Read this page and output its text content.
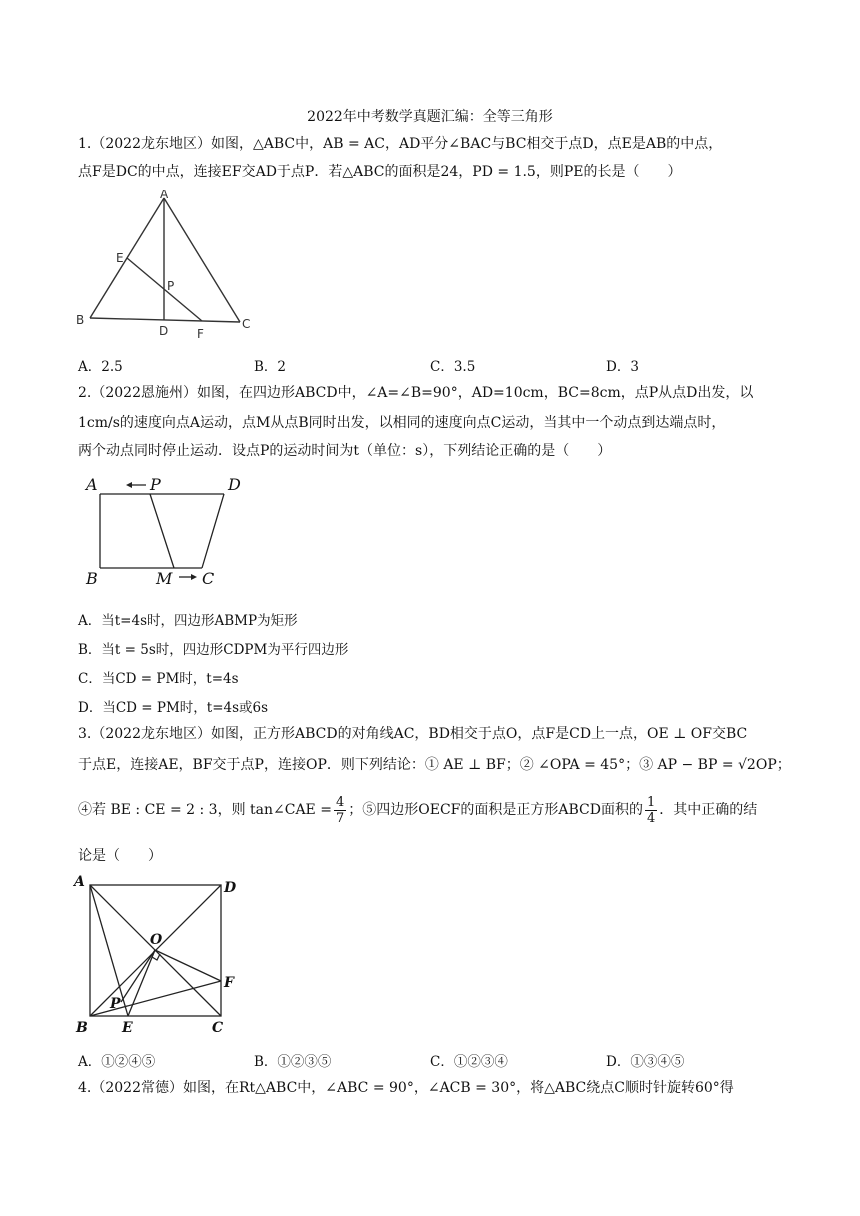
2022年中考数学真题汇编：全等三角形
1.（2022龙东地区）如图，△ABC中，AB = AC，AD平分∠BAC与BC相交于点D，点E是AB的中点，
点F是DC的中点，连接EF交AD于点P．若△ABC的面积是24，PD = 1.5，则PE的长是（　　）
A
B	C
D
E
F
P
A．2.5	B．2	C．3.5	D．3
2.（2022恩施州）如图，在四边形ABCD中，∠A=∠B=90°，AD=10cm，BC=8cm，点P从点D出发，以
1cm/s的速度向点A运动，点M从点B同时出发，以相同的速度向点C运动，当其中一个动点到达端点时，
两个动点同时停止运动．设点P的运动时间为t（单位：s），下列结论正确的是（　　）
A	P	D
B	M C
A．当t=4s时，四边形ABMP为矩形
B．当t = 5s时，四边形CDPM为平行四边形
C．当CD = PM时，t=4s
D．当CD = PM时，t=4s或6s
3.（2022龙东地区）如图，正方形ABCD的对角线AC，BD相交于点O，点F是CD上一点，OE ⊥ OF交BC
于点E，连接AE，BF交于点P，连接OP．则下列结论：① AE ⊥ BF；② ∠OPA = 45°；③ AP − BP = √2OP；
④若 BE : CE = 2 : 3，则 tan∠CAE = $\frac{4}{7}$ ；⑤四边形OECF的面积是正方形ABCD面积的 $\frac{1}{4}$ ．其中正确的结
论是（　　）
A	D
O
F
P
B E	C
A．①②④⑤	B．①②③⑤	C．①②③④	D．①③④⑤
4.（2022常德）如图，在Rt△ABC中，∠ABC = 90°，∠ACB = 30°，将△ABC绕点C顺时针旋转60°得
